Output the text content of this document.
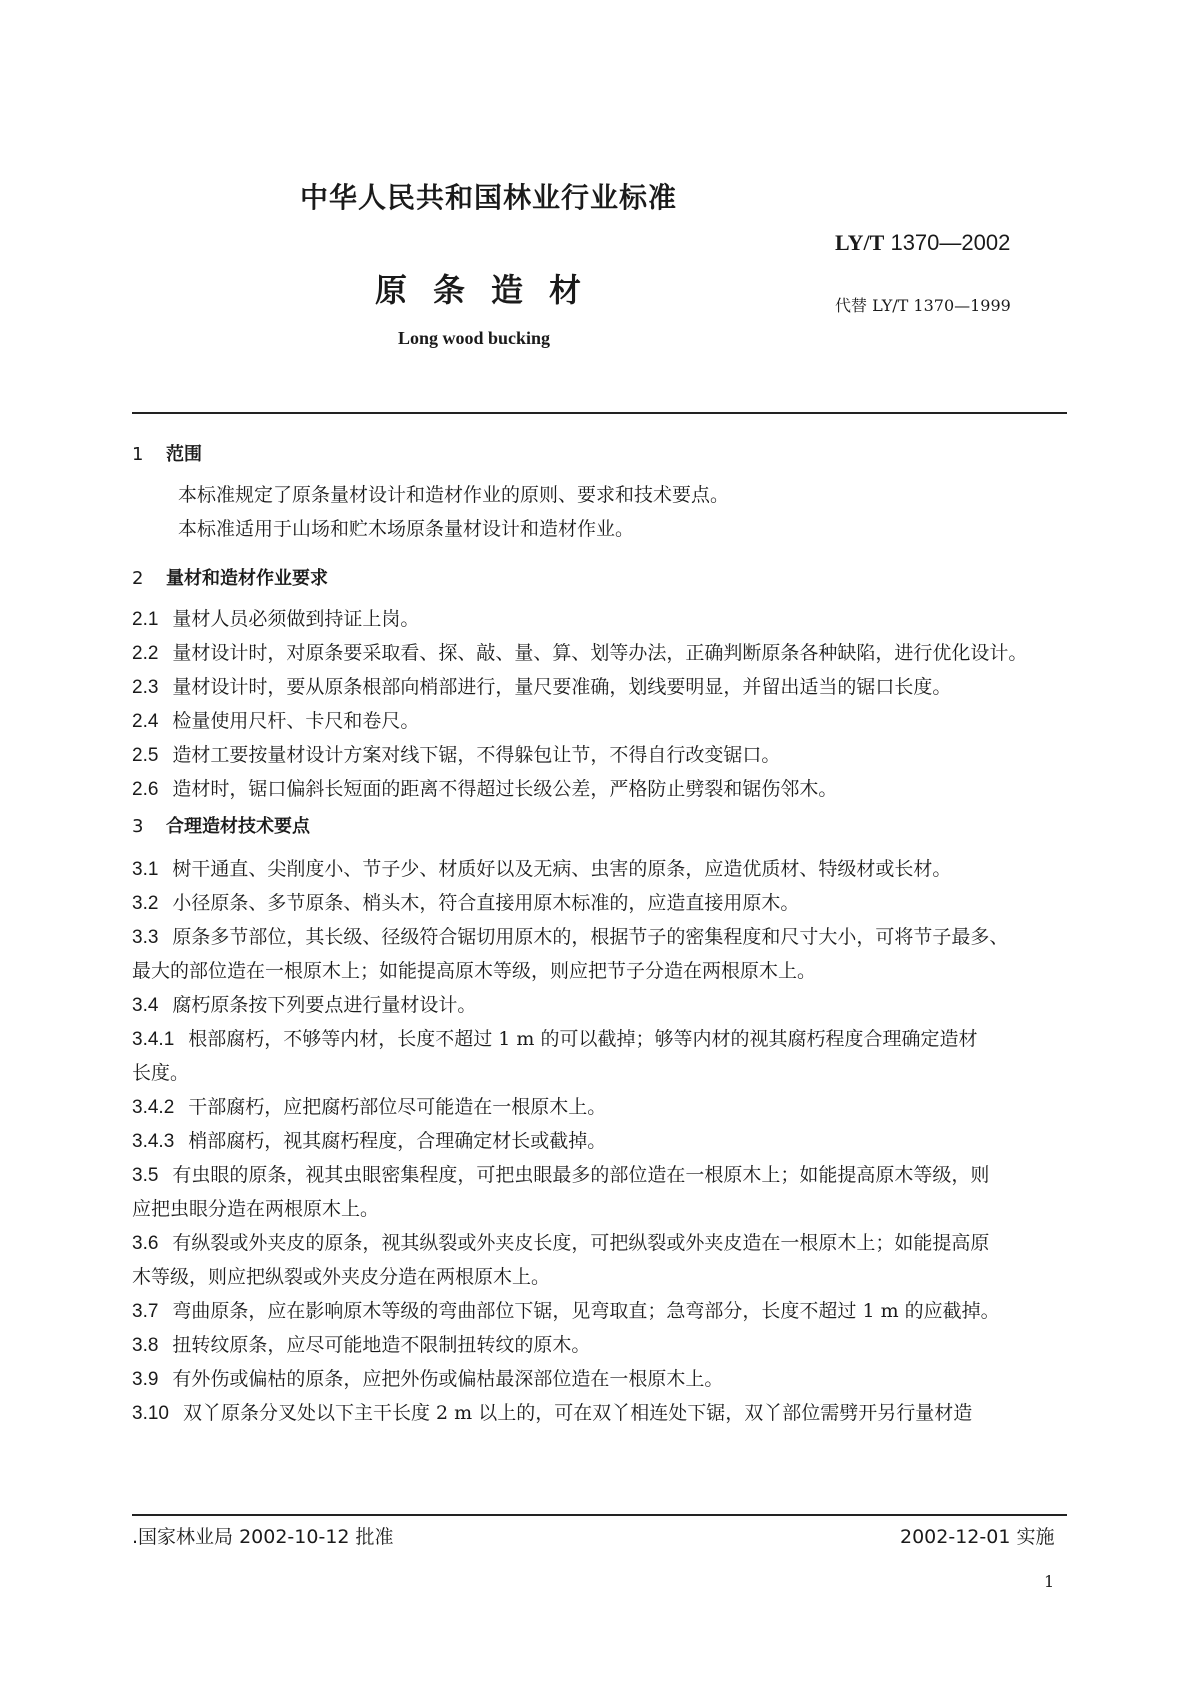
中华人民共和国林业行业标准
LY/T 1370—2002
原条造材	代替 LY/T 1370—1999
Long wood bucking
1 范围
本标准规定了原条量材设计和造材作业的原则、要求和技术要点。
本标准适用于山场和贮木场原条量材设计和造材作业。
2 量材和造材作业要求
2.1 量材人员必须做到持证上岗。
2.2 量材设计时，对原条要采取看、探、敲、量、算、划等办法，正确判断原条各种缺陷，进行优化设计。
2.3 量材设计时，要从原条根部向梢部进行，量尺要准确，划线要明显，并留出适当的锯口长度。
2.4 检量使用尺杆、卡尺和卷尺。
2.5 造材工要按量材设计方案对线下锯，不得躲包让节，不得自行改变锯口。
2.6 造材时，锯口偏斜长短面的距离不得超过长级公差，严格防止劈裂和锯伤邻木。
3 合理造材技术要点
3.1 树干通直、尖削度小、节子少、材质好以及无病、虫害的原条，应造优质材、特级材或长材。
3.2 小径原条、多节原条、梢头木，符合直接用原木标准的，应造直接用原木。
3.3 原条多节部位，其长级、径级符合锯切用原木的，根据节子的密集程度和尺寸大小，可将节子最多、
最大的部位造在一根原木上；如能提高原木等级，则应把节子分造在两根原木上。
3.4 腐朽原条按下列要点进行量材设计。
3.4.1 根部腐朽，不够等内材，长度不超过 1 m 的可以截掉；够等内材的视其腐朽程度合理确定造材
长度。
3.4.2 干部腐朽，应把腐朽部位尽可能造在一根原木上。
3.4.3 梢部腐朽，视其腐朽程度，合理确定材长或截掉。
3.5 有虫眼的原条，视其虫眼密集程度，可把虫眼最多的部位造在一根原木上；如能提高原木等级，则
应把虫眼分造在两根原木上。
3.6 有纵裂或外夹皮的原条，视其纵裂或外夹皮长度，可把纵裂或外夹皮造在一根原木上；如能提高原
木等级，则应把纵裂或外夹皮分造在两根原木上。
3.7 弯曲原条，应在影响原木等级的弯曲部位下锯，见弯取直；急弯部分，长度不超过 1 m 的应截掉。
3.8 扭转纹原条，应尽可能地造不限制扭转纹的原木。
3.9 有外伤或偏枯的原条，应把外伤或偏枯最深部位造在一根原木上。
3.10 双丫原条分叉处以下主干长度 2 m 以上的，可在双丫相连处下锯，双丫部位需劈开另行量材造
.国家林业局 2002-10-12 批准	2002-12-01 实施
1
